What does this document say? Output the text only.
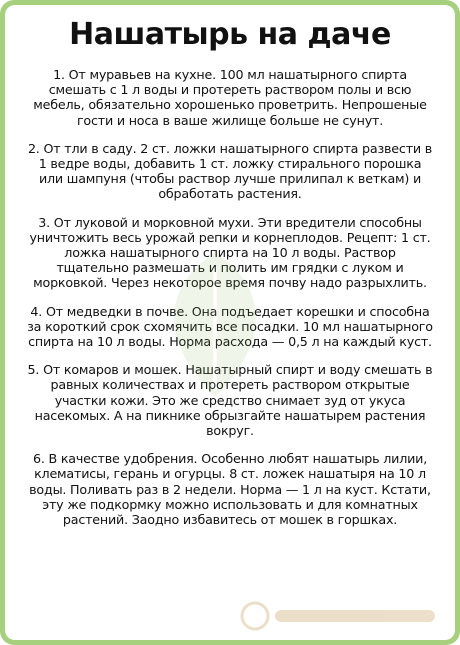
Нашатырь на даче
1. От муравьев на кухне. 100 мл нашатырного спирта смешать с 1 л воды и протереть раствором полы и всю мебель, обязательно хорошенько проветрить. Непрошеные гости и носа в ваше жилище больше не сунут.
2. От тли в саду. 2 ст. ложки нашатырного спирта развести в 1 ведре воды, добавить 1 ст. ложку стирального порошка или шампуня (чтобы раствор лучше прилипал к веткам) и обработать растения.
3. От луковой и морковной мухи. Эти вредители способны уничтожить весь урожай репки и корнеплодов. Рецепт: 1 ст. ложка нашатырного спирта на 10 л воды. Раствор тщательно размешать и полить им грядки с луком и морковкой. Через некоторое время почву надо разрыхлить.
4. От медведки в почве. Она подъедает корешки и способна за короткий срок схомячить все посадки. 10 мл нашатырного спирта на 10 л воды. Норма расхода — 0,5 л на каждый куст.
5. От комаров и мошек. Нашатырный спирт и воду смешать в равных количествах и протереть раствором открытые участки кожи. Это же средство снимает зуд от укуса насекомых. А на пикнике обрызгайте нашатырем растения вокруг.
6. В качестве удобрения. Особенно любят нашатырь лилии, клематисы, герань и огурцы. 8 ст. ложек нашатыря на 10 л воды. Поливать раз в 2 недели. Норма — 1 л на куст. Кстати, эту же подкормку можно использовать и для комнатных растений. Заодно избавитесь от мошек в горшках.
